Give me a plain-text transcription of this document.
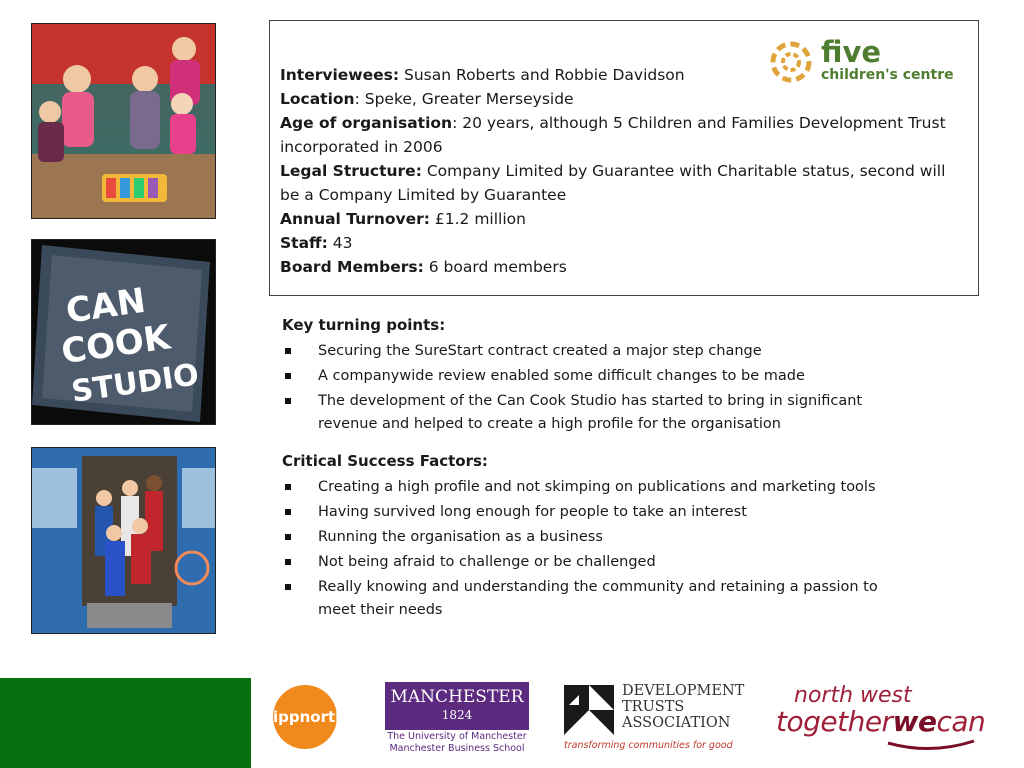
CAN
COOK
STUDIO
five
children's centre
Interviewees: Susan Roberts and Robbie Davidson
Location: Speke, Greater Merseyside
Age of organisation: 20 years, although 5 Children and Families Development Trust incorporated in 2006
Legal Structure: Company Limited by Guarantee with Charitable status, second will be a Company Limited by Guarantee
Annual Turnover: £1.2 million
Staff: 43
Board Members: 6 board members
Key turning points:
Securing the SureStart contract created a major step change
A companywide review enabled some difficult changes to be made
The development of the Can Cook Studio has started to bring in significant revenue and helped to create a high profile for the organisation
Critical Success Factors:
Creating a high profile and not skimping on publications and marketing tools
Having survived long enough for people to take an interest
Running the organisation as a business
Not being afraid to challenge or be challenged
Really knowing and understanding the community and retaining a passion to meet their needs
ippnorth
MANCHESTER
1824
The University of Manchester
Manchester Business School
DEVELOPMENT
TRUSTS
ASSOCIATION
transforming communities for good
north west
togetherwecan
